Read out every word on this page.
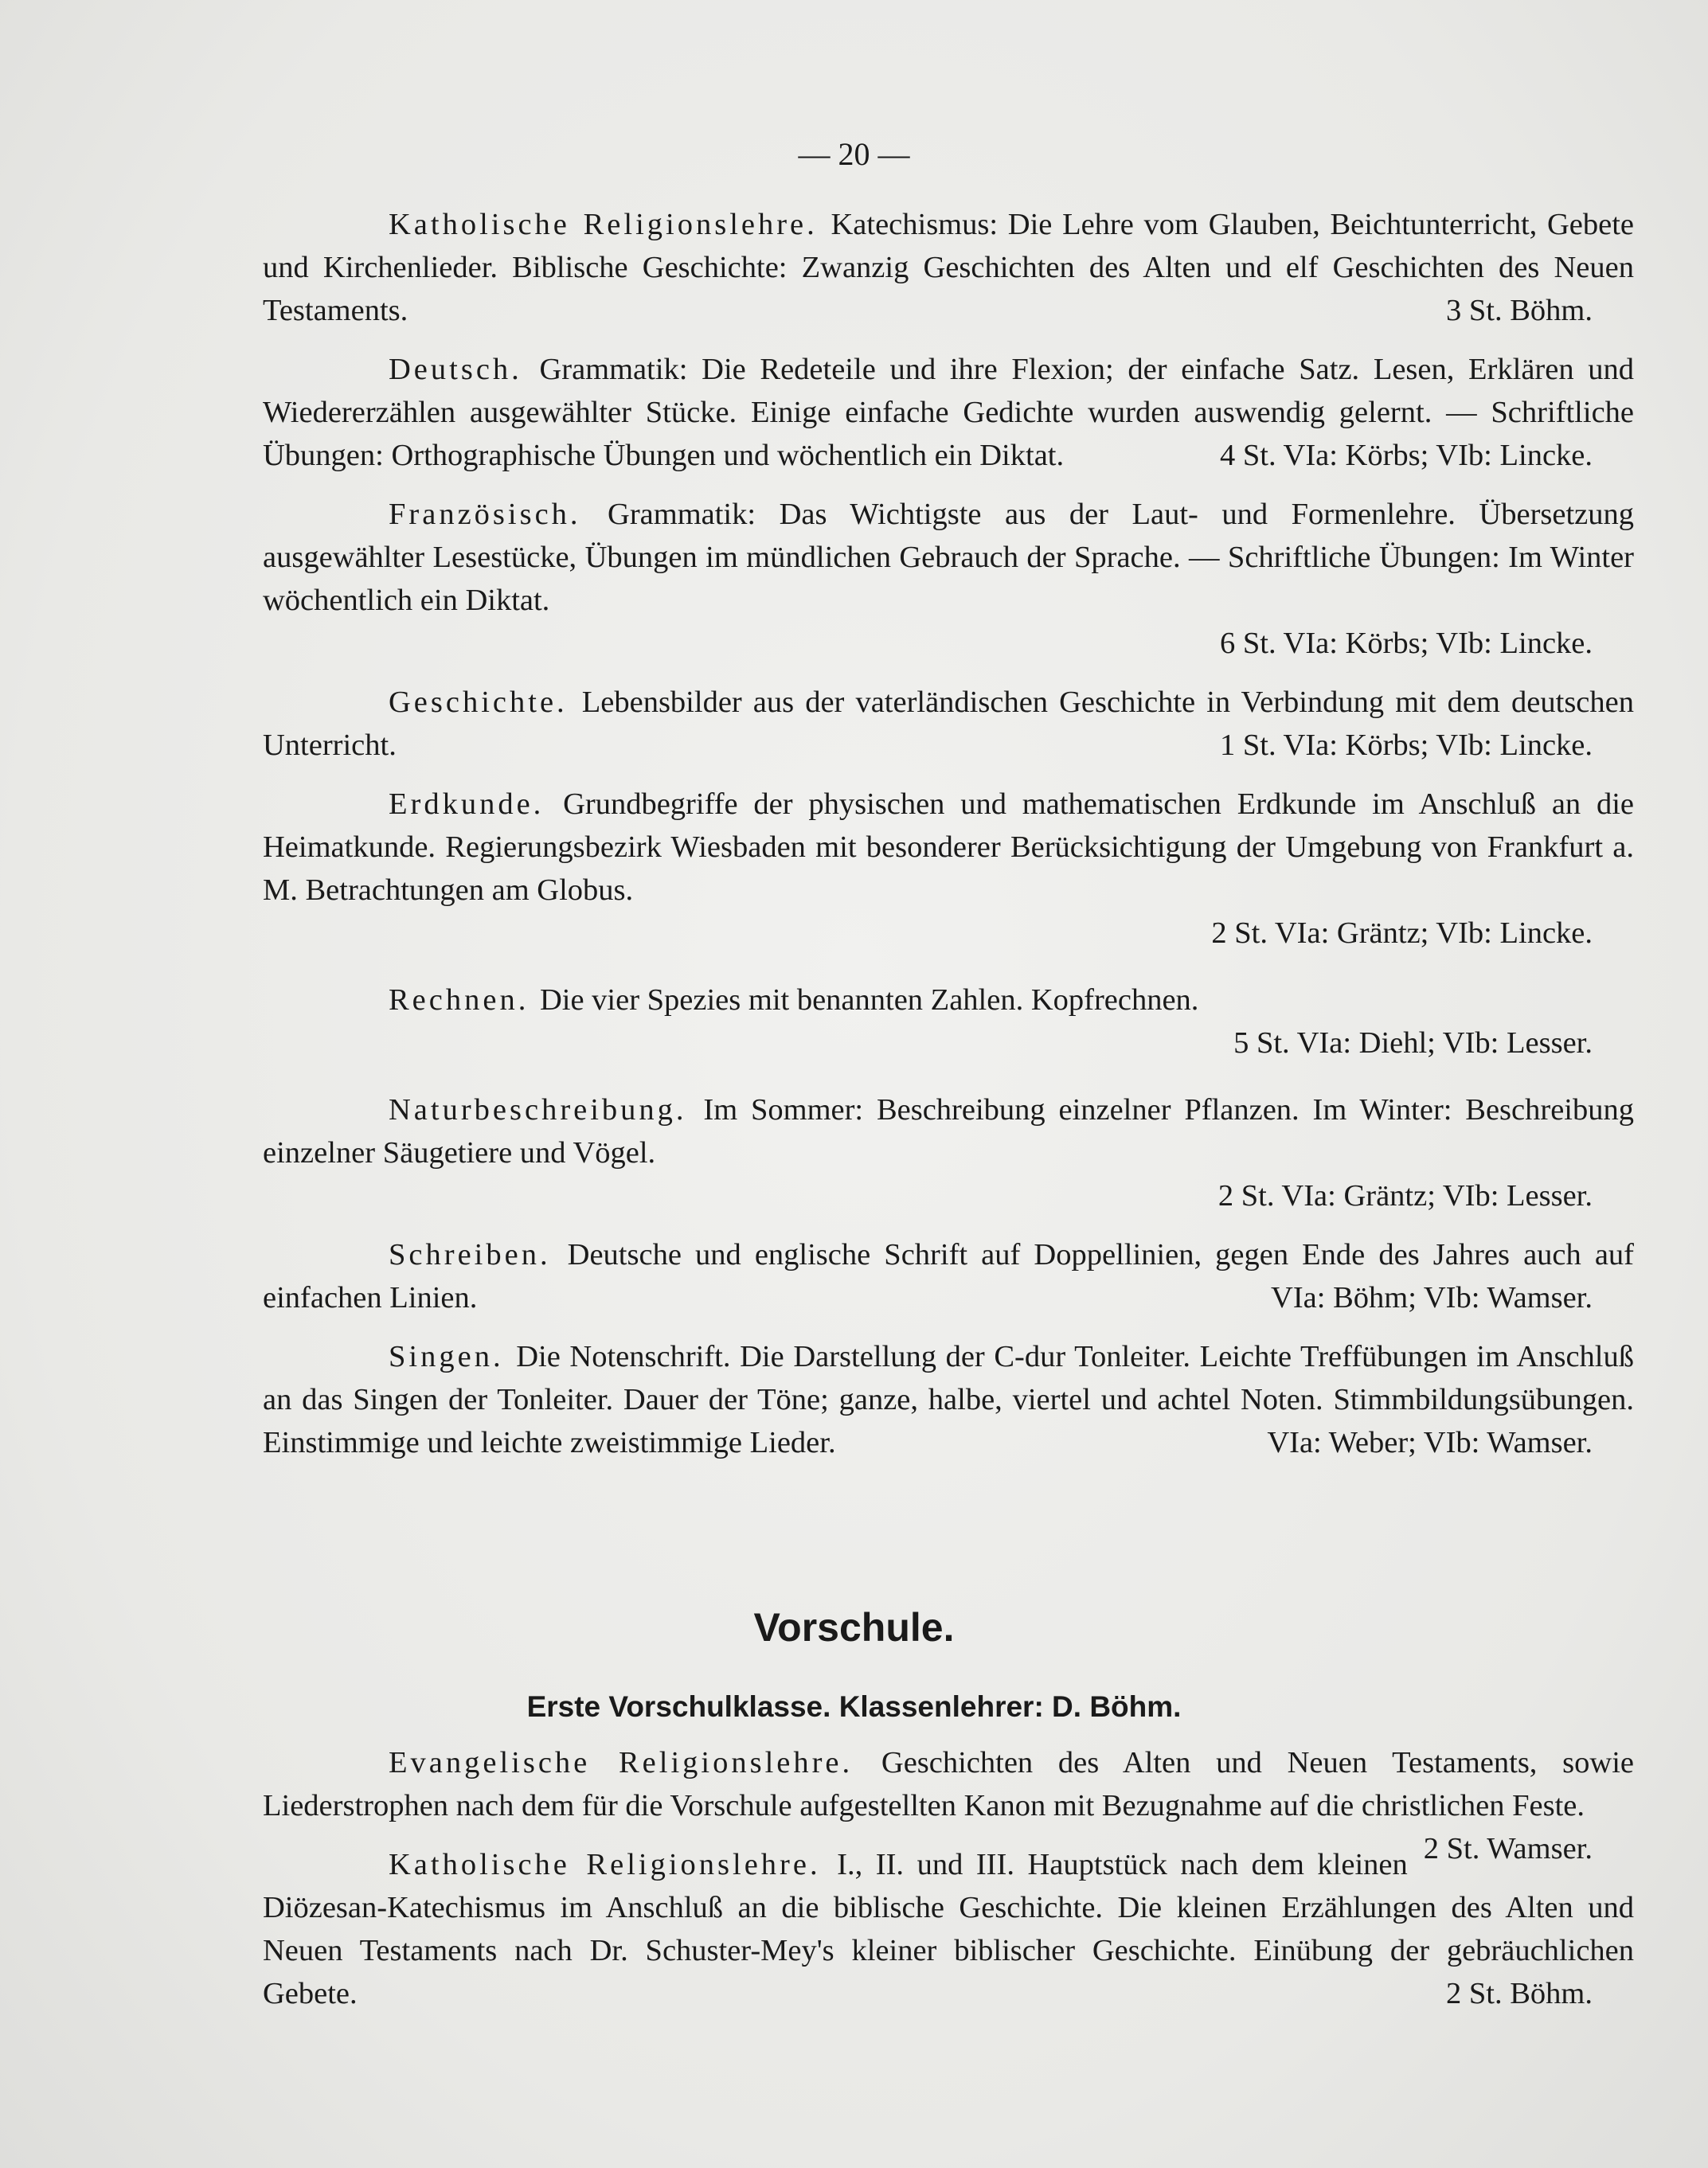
— 20 —

Katholische Religionslehre. Katechismus: Die Lehre vom Glauben, Beichtunterricht, Gebete und Kirchenlieder. Biblische Geschichte: Zwanzig Geschichten des Alten und elf Geschichten des Neuen Testaments.	3 St. Böhm.

Deutsch. Grammatik: Die Redeteile und ihre Flexion; der einfache Satz. Lesen, Erklären und Wiedererzählen ausgewählter Stücke. Einige einfache Gedichte wurden auswendig gelernt. — Schriftliche Übungen: Orthographische Übungen und wöchentlich ein Diktat.	4 St. VIa: Körbs; VIb: Lincke.

Französisch. Grammatik: Das Wichtigste aus der Laut- und Formenlehre. Übersetzung ausgewählter Lesestücke, Übungen im mündlichen Gebrauch der Sprache. — Schriftliche Übungen: Im Winter wöchentlich ein Diktat.
6 St. VIa: Körbs; VIb: Lincke.

Geschichte. Lebensbilder aus der vaterländischen Geschichte in Verbindung mit dem deutschen Unterricht.	1 St. VIa: Körbs; VIb: Lincke.

Erdkunde. Grundbegriffe der physischen und mathematischen Erdkunde im Anschluß an die Heimatkunde. Regierungsbezirk Wiesbaden mit besonderer Berücksichtigung der Umgebung von Frankfurt a. M. Betrachtungen am Globus.
2 St. VIa: Gräntz; VIb: Lincke.

Rechnen. Die vier Spezies mit benannten Zahlen. Kopfrechnen.
5 St. VIa: Diehl; VIb: Lesser.

Naturbeschreibung. Im Sommer: Beschreibung einzelner Pflanzen. Im Winter: Beschreibung einzelner Säugetiere und Vögel.
2 St. VIa: Gräntz; VIb: Lesser.

Schreiben. Deutsche und englische Schrift auf Doppellinien, gegen Ende des Jahres auch auf einfachen Linien.	VIa: Böhm; VIb: Wamser.

Singen. Die Notenschrift. Die Darstellung der C-dur Tonleiter. Leichte Treffübungen im Anschluß an das Singen der Tonleiter. Dauer der Töne; ganze, halbe, viertel und achtel Noten. Stimmbildungsübungen. Einstimmige und leichte zweistimmige Lieder.	VIa: Weber; VIb: Wamser.

Vorschule.
Erste Vorschulklasse. Klassenlehrer: D. Böhm.

Evangelische Religionslehre. Geschichten des Alten und Neuen Testaments, sowie Liederstrophen nach dem für die Vorschule aufgestellten Kanon mit Bezugnahme auf die christlichen Feste.
2 St. Wamser.

Katholische Religionslehre. I., II. und III. Hauptstück nach dem kleinen Diözesan-Katechismus im Anschluß an die biblische Geschichte. Die kleinen Erzählungen des Alten und Neuen Testaments nach Dr. Schuster-Mey's kleiner biblischer Geschichte. Einübung der gebräuchlichen Gebete.	2 St. Böhm.
